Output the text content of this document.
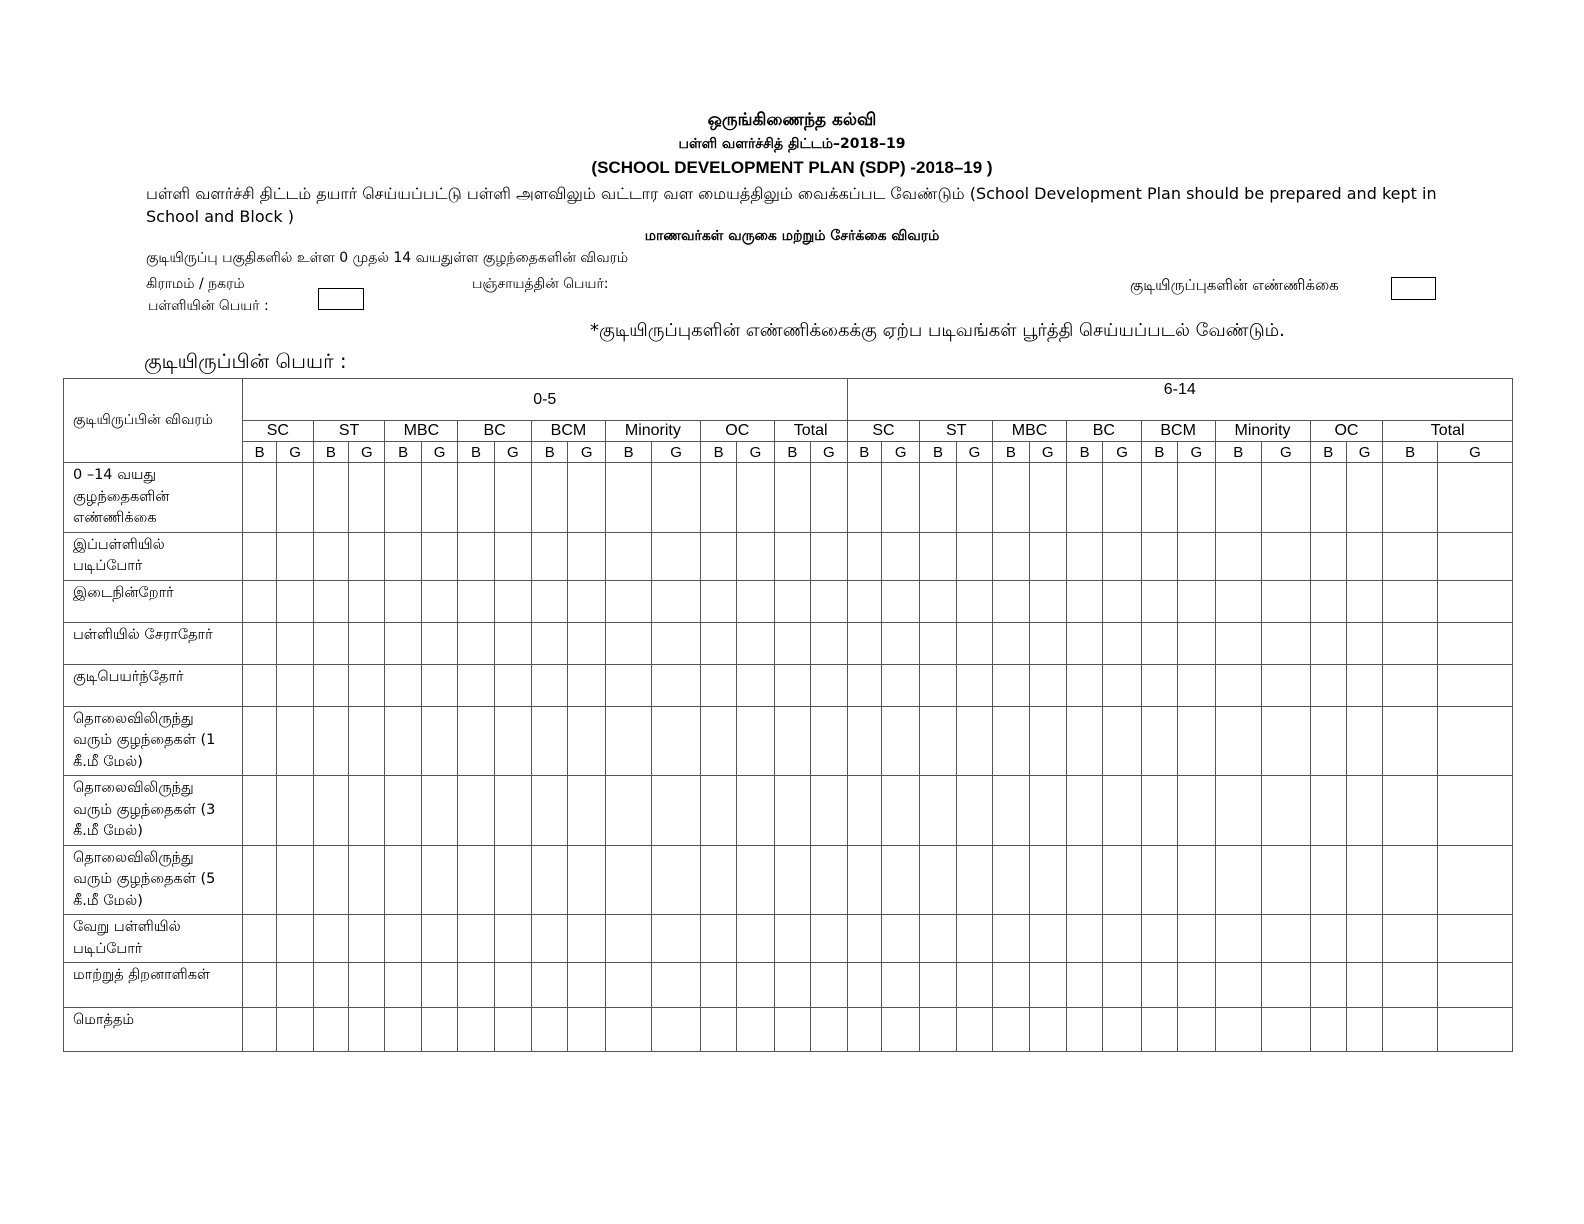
ஒருங்கிணைந்த கல்வி
பள்ளி வளர்ச்சித் திட்டம்–2018–19
(SCHOOL DEVELOPMENT PLAN (SDP) -2018–19 )
பள்ளி வளர்ச்சி திட்டம் தயார் செய்யப்பட்டு பள்ளி அளவிலும் வட்டார வள மையத்திலும் வைக்கப்பட வேண்டும் (School Development Plan should be prepared and kept in School and Block )
மாணவர்கள் வருகை மற்றும் சேர்க்கை விவரம்
குடியிருப்பு பகுதிகளில் உள்ள 0 முதல் 14 வயதுள்ள குழந்தைகளின் விவரம்
கிராமம் / நகரம்
பள்ளியின் பெயர் :
பஞ்சாயத்தின் பெயர்:	குடியிருப்புகளின் எண்ணிக்கை
*குடியிருப்புகளின் எண்ணிக்கைக்கு ஏற்ப படிவங்கள் பூர்த்தி செய்யப்படல் வேண்டும்.
குடியிருப்பின் பெயர் :
குடியிருப்பின் விவரம்	0-5																6-14															
	SC		ST		MBC		BC		BCM		Minority		OC		Total		SC		ST		MBC		BC		BCM		Minority		OC		Total	
	B	G	B	G	B	G	B	G	B	G	B	G	B	G	B	G	B	G	B	G	B	G	B	G	B	G	B	G	B	G	B	G
0 –14 வயது குழந்தைகளின் எண்ணிக்கை																																
இப்பள்ளியில் படிப்போர்																																
இடைநின்றோர்																																
பள்ளியில் சேராதோர்																																
குடிபெயர்ந்தோர்																																
தொலைவிலிருந்து வரும் குழந்தைகள் (1 கீ.மீ மேல்)																																
தொலைவிலிருந்து வரும் குழந்தைகள் (3 கீ.மீ மேல்)																																
தொலைவிலிருந்து வரும் குழந்தைகள் (5 கீ.மீ மேல்)																																
வேறு பள்ளியில் படிப்போர்																																
மாற்றுத் திறனாளிகள்																																
மொத்தம்																																
